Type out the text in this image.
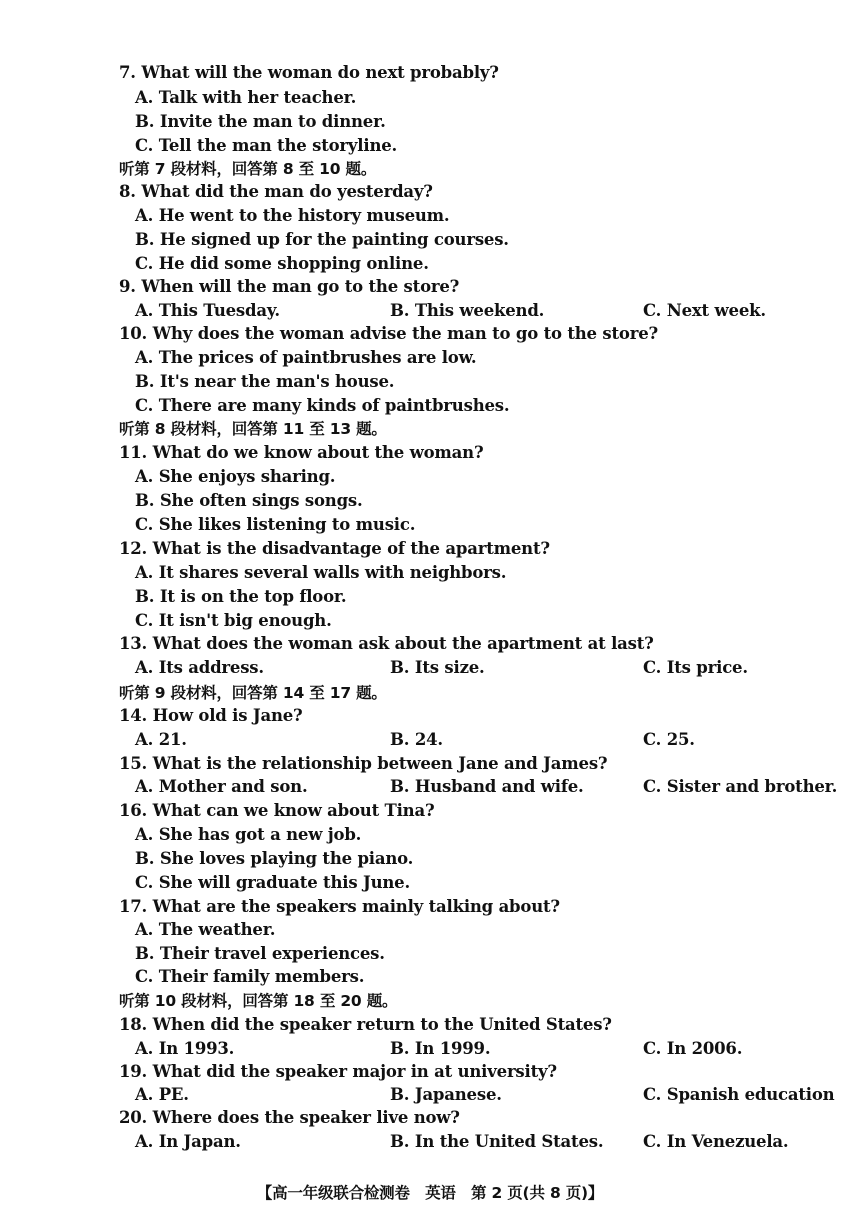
7. What will the woman do next probably?
A. Talk with her teacher.
B. Invite the man to dinner.
C. Tell the man the storyline.
听第 7 段材料，回答第 8 至 10 题。
8. What did the man do yesterday?
A. He went to the history museum.
B. He signed up for the painting courses.
C. He did some shopping online.
9. When will the man go to the store?
A. This Tuesday.	B. This weekend.	C. Next week.
10. Why does the woman advise the man to go to the store?
A. The prices of paintbrushes are low.
B. It's near the man's house.
C. There are many kinds of paintbrushes.
听第 8 段材料，回答第 11 至 13 题。
11. What do we know about the woman?
A. She enjoys sharing.
B. She often sings songs.
C. She likes listening to music.
12. What is the disadvantage of the apartment?
A. It shares several walls with neighbors.
B. It is on the top floor.
C. It isn't big enough.
13. What does the woman ask about the apartment at last?
A. Its address.	B. Its size.	C. Its price.
听第 9 段材料，回答第 14 至 17 题。
14. How old is Jane?
A. 21.	B. 24.	C. 25.
15. What is the relationship between Jane and James?
A. Mother and son.	B. Husband and wife.	C. Sister and brother.
16. What can we know about Tina?
A. She has got a new job.
B. She loves playing the piano.
C. She will graduate this June.
17. What are the speakers mainly talking about?
A. The weather.
B. Their travel experiences.
C. Their family members.
听第 10 段材料，回答第 18 至 20 题。
18. When did the speaker return to the United States?
A. In 1993.	B. In 1999.	C. In 2006.
19. What did the speaker major in at university?
A. PE.	B. Japanese.	C. Spanish education
20. Where does the speaker live now?
A. In Japan.	B. In the United States. C. In Venezuela.
【高一年级联合检测卷　英语　第 2 页(共 8 页)】
